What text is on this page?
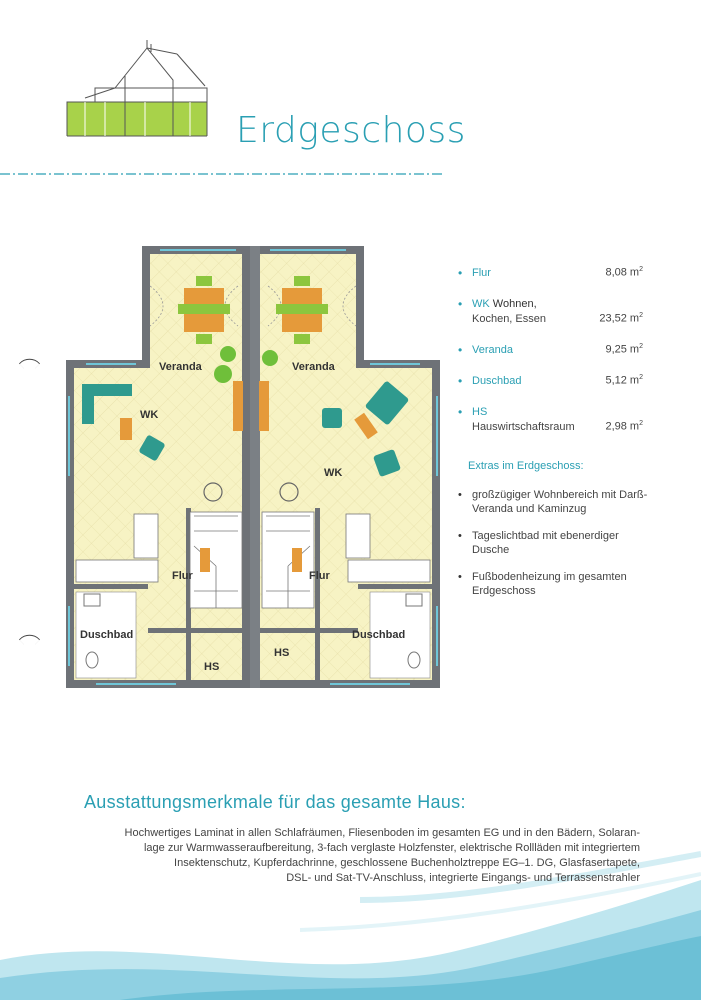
Erdgeschoss
Veranda	Veranda
WK
WK
Flur	Flur
Duschbad	Duschbad
HS
HS
• Flur	8,08 $m^2$
• WK Wohnen,
Kochen, Essen	23,52 $m^2$
• Veranda	9,25 $m^2$
• Duschbad	5,12 $m^2$
• HS
Hauswirtschaftsraum	2,98 $m^2$
Extras im Erdgeschoss:
• großzügiger Wohnbereich mit Darß-Veranda und Kaminzug
• Tageslichtbad mit ebenerdiger Dusche
• Fußbodenheizung im gesamten Erdgeschoss
Ausstattungsmerkmale für das gesamte Haus:
Hochwertiges Laminat in allen Schlafräumen, Fliesenboden im gesamten EG und in den Bädern, Solaran-
lage zur Warmwasseraufbereitung, 3-fach verglaste Holzfenster, elektrische Rollläden mit integriertem
Insektenschutz, Kupferdachrinne, geschlossene Buchenholztreppe EG–1. DG, Glasfasertapete,
DSL- und Sat-TV-Anschluss, integrierte Eingangs- und Terrassenstrahler
